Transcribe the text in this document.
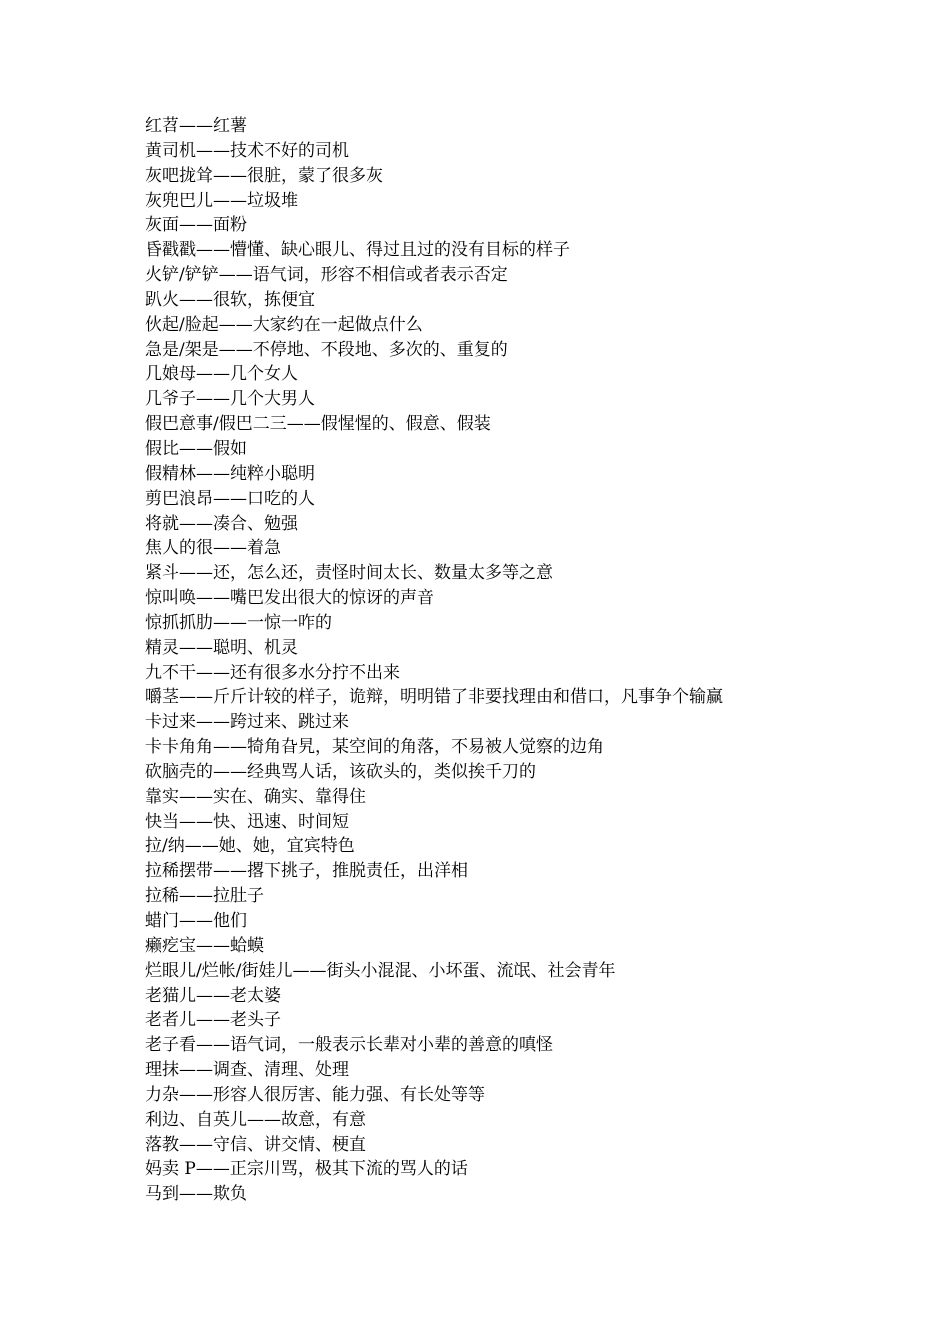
红苕——红薯
黄司机——技术不好的司机
灰吧拢耸——很脏，蒙了很多灰
灰兜巴儿——垃圾堆
灰面——面粉
昏戳戳——懵懂、缺心眼儿、得过且过的没有目标的样子
火铲/铲铲——语气词，形容不相信或者表示否定
趴火——很软，拣便宜
伙起/脸起——大家约在一起做点什么
急是/架是——不停地、不段地、多次的、重复的
几娘母——几个女人
几爷子——几个大男人
假巴意事/假巴二三——假惺惺的、假意、假装
假比——假如
假精林——纯粹小聪明
剪巴浪昂——口吃的人
将就——凑合、勉强
焦人的很——着急
紧斗——还，怎么还，责怪时间太长、数量太多等之意
惊叫唤——嘴巴发出很大的惊讶的声音
惊抓抓肋——一惊一咋的
精灵——聪明、机灵
九不干——还有很多水分拧不出来
嚼茎——斤斤计较的样子，诡辩，明明错了非要找理由和借口，凡事争个输赢
卡过来——跨过来、跳过来
卡卡角角——犄角旮旯，某空间的角落，不易被人觉察的边角
砍脑壳的——经典骂人话，该砍头的，类似挨千刀的
靠实——实在、确实、靠得住
快当——快、迅速、时间短
拉/纳——她、她，宜宾特色
拉稀摆带——撂下挑子，推脱责任，出洋相
拉稀——拉肚子
蜡门——他们
癞疙宝——蛤蟆
烂眼儿/烂帐/街娃儿——街头小混混、小坏蛋、流氓、社会青年
老猫儿——老太婆
老者儿——老头子
老子看——语气词，一般表示长辈对小辈的善意的嗔怪
理抹——调查、清理、处理
力杂——形容人很厉害、能力强、有长处等等
利边、自英儿——故意，有意
落教——守信、讲交情、梗直
妈卖 P——正宗川骂，极其下流的骂人的话
马到——欺负
